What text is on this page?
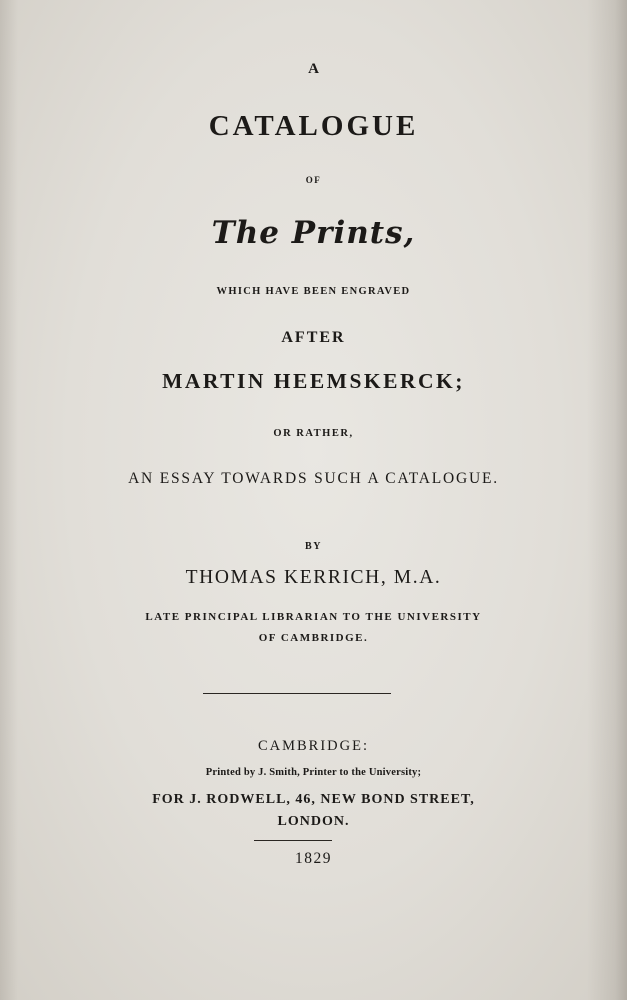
A
CATALOGUE
OF
The Prints,
WHICH HAVE BEEN ENGRAVED
AFTER
MARTIN HEEMSKERCK;
OR RATHER,
AN ESSAY TOWARDS SUCH A CATALOGUE.
BY
THOMAS KERRICH, M.A.
LATE PRINCIPAL LIBRARIAN TO THE UNIVERSITY
OF CAMBRIDGE.
CAMBRIDGE:
Printed by J. Smith, Printer to the University;
FOR J. RODWELL, 46, NEW BOND STREET,
LONDON.
1829
